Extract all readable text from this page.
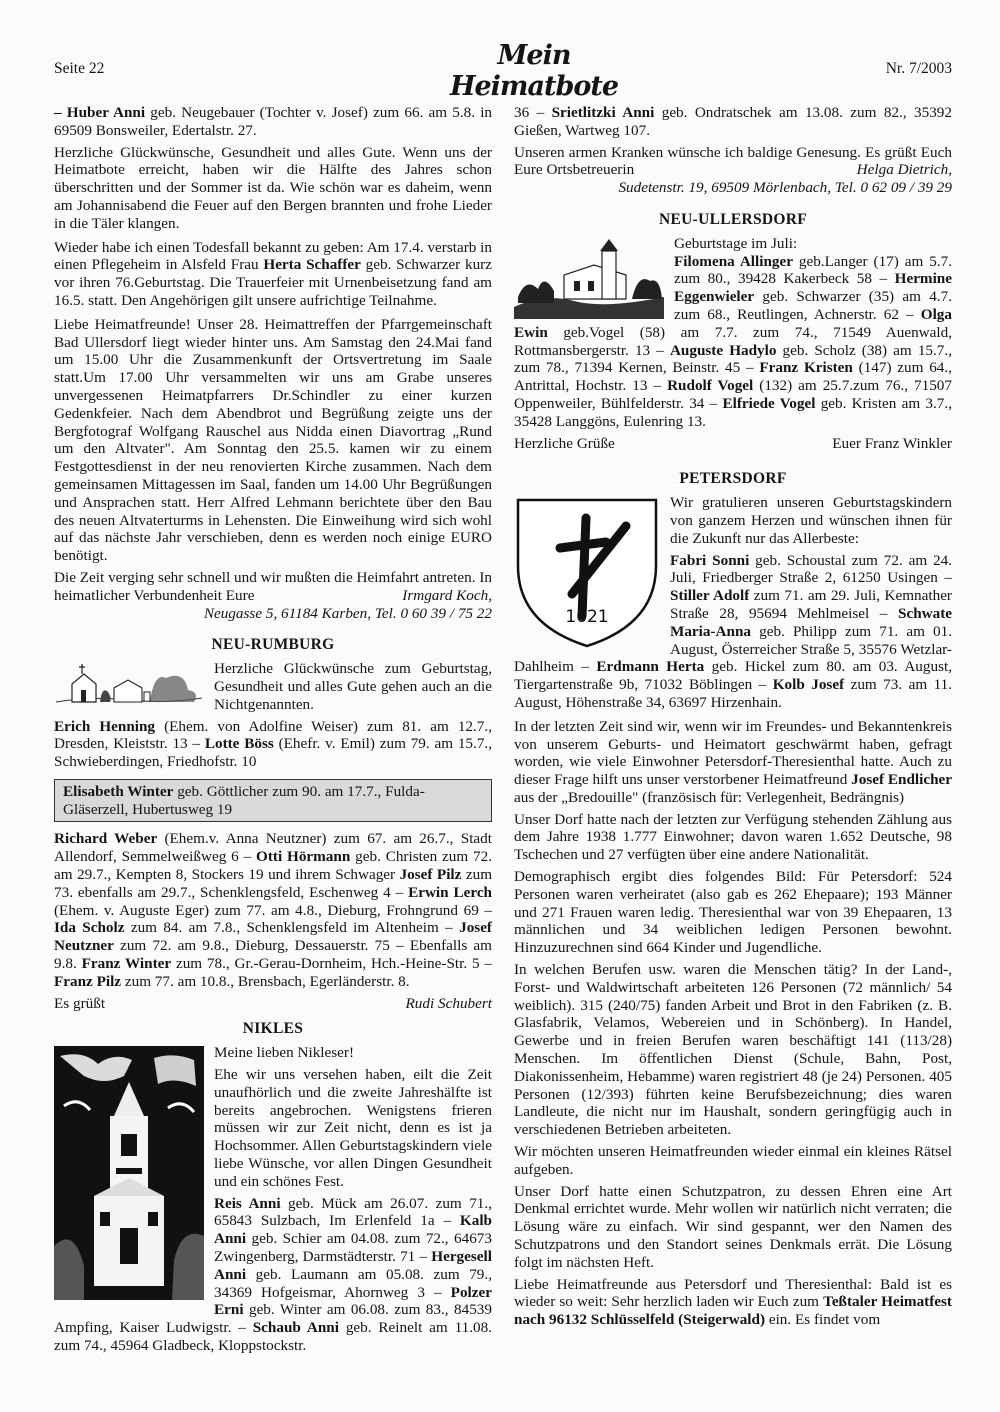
Seite 22	Mein Heimatbote
Nr. 7/2003

– Huber Anni geb. Neugebauer (Tochter v. Josef) zum 66. am 5.8. in 69509 Bonsweiler, Edertalstr. 27.

Herzliche Glückwünsche, Gesundheit und alles Gute. Wenn uns der Heimatbote erreicht, haben wir die Hälfte des Jahres schon überschritten und der Sommer ist da. Wie schön war es daheim, wenn am Johannisabend die Feuer auf den Bergen brannten und frohe Lieder in die Täler klangen.

Wieder habe ich einen Todesfall bekannt zu geben: Am 17.4. verstarb in einen Pflegeheim in Alsfeld Frau Herta Schaffer geb. Schwarzer kurz vor ihren 76.Geburtstag. Die Trauerfeier mit Urnenbeisetzung fand am 16.5. statt. Den Angehörigen gilt unsere aufrichtige Teilnahme.

Liebe Heimatfreunde! Unser 28. Heimattreffen der Pfarrgemeinschaft Bad Ullersdorf liegt wieder hinter uns. Am Samstag den 24.Mai fand um 15.00 Uhr die Zusammenkunft der Ortsvertretung im Saale statt.Um 17.00 Uhr versammelten wir uns am Grabe unseres unvergessenen Heimatpfarrers Dr.Schindler zu einer kurzen Gedenkfeier. Nach dem Abendbrot und Begrüßung zeigte uns der Bergfotograf Wolfgang Rauschel aus Nidda einen Diavortrag „Rund um den Altvater". Am Sonntag den 25.5. kamen wir zu einem Festgottesdienst in der neu renovierten Kirche zusammen. Nach dem gemeinsamen Mittagessen im Saal, fanden um 14.00 Uhr Begrüßungen und Ansprachen statt. Herr Alfred Lehmann berichtete über den Bau des neuen Altvaterturms in Lehensten. Die Einweihung wird sich wohl auf das nächste Jahr verschieben, denn es werden noch einige EURO benötigt.

Die Zeit verging sehr schnell und wir mußten die Heimfahrt antreten. In heimatlicher Verbundenheit Eure	Irmgard Koch,

Neugasse 5, 61184 Karben, Tel. 0 60 39 / 75 22
NEU-RUMBURG

Herzliche Glückwünsche zum Geburtstag, Gesundheit und alles Gute gehen auch an die Nichtgenannten.

Erich Henning (Ehem. von Adolfine Weiser) zum 81. am 12.7., Dresden, Kleiststr. 13 – Lotte Böss (Ehefr. v. Emil) zum 79. am 15.7., Schwieberdingen, Friedhofstr. 10

Elisabeth Winter geb. Göttlicher zum 90. am 17.7., Fulda-Gläserzell, Hubertusweg 19

Richard Weber (Ehem.v. Anna Neutzner) zum 67. am 26.7., Stadt Allendorf, Semmelweißweg 6 – Otti Hörmann geb. Christen zum 72. am 29.7., Kempten 8, Stockers 19 und ihrem Schwager Josef Pilz zum 73. ebenfalls am 29.7., Schenklengsfeld, Eschenweg 4 – Erwin Lerch (Ehem. v. Auguste Eger) zum 77. am 4.8., Dieburg, Frohngrund 69 – Ida Scholz zum 84. am 7.8., Schenklengsfeld im Altenheim – Josef Neutzner zum 72. am 9.8., Dieburg, Dessauerstr. 75 – Ebenfalls am 9.8. Franz Winter zum 78., Gr.-Gerau-Dornheim, Hch.-Heine-Str. 5 – Franz Pilz zum 77. am 10.8., Brensbach, Egerländerstr. 8.

Es grüßt	Rudi Schubert
NIKLES

Meine lieben Nikleser!

Ehe wir uns versehen haben, eilt die Zeit unaufhörlich und die zweite Jahreshälfte ist bereits angebrochen. Wenigstens frieren müssen wir zur Zeit nicht, denn es ist ja Hochsommer. Allen Geburtstagskindern viele liebe Wünsche, vor allen Dingen Gesundheit und ein schönes Fest.

Reis Anni geb. Mück am 26.07. zum 71., 65843 Sulzbach, Im Erlenfeld 1a – Kalb Anni geb. Schier am 04.08. zum 72., 64673 Zwingenberg, Darmstädterstr. 71 – Hergesell Anni geb. Laumann am 05.08. zum 79., 34369 Hofgeismar, Ahornweg 3 – Polzer Erni geb. Winter am 06.08. zum 83., 84539 Ampfing, Kaiser Ludwigstr. – Schaub Anni geb. Reinelt am 11.08. zum 74., 45964 Gladbeck, Kloppstockstr.

36 – Srietlitzki Anni geb. Ondratschek am 13.08. zum 82., 35392 Gießen, Wartweg 107.

Unseren armen Kranken wünsche ich baldige Genesung. Es grüßt Euch Eure Ortsbetreuerin	Helga Dietrich,

Sudetenstr. 19, 69509 Mörlenbach, Tel. 0 62 09 / 39 29
NEU-ULLERSDORF

Geburtstage im Juli:

Filomena Allinger geb.Langer (17) am 5.7. zum 80., 39428 Kakerbeck 58 – Hermine Eggenwieler geb. Schwarzer (35) am 4.7. zum 68., Reutlingen, Achnerstr. 62 – Olga Ewin geb.Vogel (58) am 7.7. zum 74., 71549 Auenwald, Rottmansbergerstr. 13 – Auguste Hadylo geb. Scholz (38) am 15.7., zum 78., 71394 Kernen, Beinstr. 45 – Franz Kristen (147) zum 64., Antrittal, Hochstr. 13 – Rudolf Vogel (132) am 25.7.zum 76., 71507 Oppenweiler, Bühlfelderstr. 34 – Elfriede Vogel geb. Kristen am 3.7., 35428 Langgöns, Eulenring 13.

Herzliche Grüße	Euer Franz Winkler
PETERSDORF
1621

Wir gratulieren unseren Geburtstagskindern von ganzem Herzen und wünschen ihnen für die Zukunft nur das Allerbeste:

Fabri Sonni geb. Schoustal zum 72. am 24. Juli, Friedberger Straße 2, 61250 Usingen – Stiller Adolf zum 71. am 29. Juli, Kemnather Straße 28, 95694 Mehlmeisel – Schwate Maria-Anna geb. Philipp zum 71. am 01. August, Österreicher Straße 5, 35576 Wetzlar-Dahlheim – Erdmann Herta geb. Hickel zum 80. am 03. August, Tiergartenstraße 9b, 71032 Böblingen – Kolb Josef zum 73. am 11. August, Höhenstraße 34, 63697 Hirzenhain.

In der letzten Zeit sind wir, wenn wir im Freundes- und Bekanntenkreis von unserem Geburts- und Heimatort geschwärmt haben, gefragt worden, wie viele Einwohner Petersdorf-Theresienthal hatte. Auch zu dieser Frage hilft uns unser verstorbener Heimatfreund Josef Endlicher aus der „Bredouille" (französisch für: Verlegenheit, Bedrängnis)

Unser Dorf hatte nach der letzten zur Verfügung stehenden Zählung aus dem Jahre 1938 1.777 Einwohner; davon waren 1.652 Deutsche, 98 Tschechen und 27 verfügten über eine andere Nationalität.

Demographisch ergibt dies folgendes Bild: Für Petersdorf: 524 Personen waren verheiratet (also gab es 262 Ehepaare); 193 Männer und 271 Frauen waren ledig. Theresienthal war von 39 Ehepaaren, 13 männlichen und 34 weiblichen ledigen Personen bewohnt. Hinzuzurechnen sind 664 Kinder und Jugendliche.

In welchen Berufen usw. waren die Menschen tätig? In der Land-, Forst- und Waldwirtschaft arbeiteten 126 Personen (72 männlich/ 54 weiblich). 315 (240/75) fanden Arbeit und Brot in den Fabriken (z. B. Glasfabrik, Velamos, Webereien und in Schönberg). In Handel, Gewerbe und in freien Berufen waren beschäftigt 141 (113/28) Menschen. Im öffentlichen Dienst (Schule, Bahn, Post, Diakonissenheim, Hebamme) waren registriert 48 (je 24) Personen. 405 Personen (12/393) führten keine Berufsbezeichnung; dies waren Landleute, die nicht nur im Haushalt, sondern geringfügig auch in verschiedenen Betrieben arbeiteten.

Wir möchten unseren Heimatfreunden wieder einmal ein kleines Rätsel aufgeben.

Unser Dorf hatte einen Schutzpatron, zu dessen Ehren eine Art Denkmal errichtet wurde. Mehr wollen wir natürlich nicht verraten; die Lösung wäre zu einfach. Wir sind gespannt, wer den Namen des Schutzpatrons und den Standort seines Denkmals errät. Die Lösung folgt im nächsten Heft.

Liebe Heimatfreunde aus Petersdorf und Theresienthal: Bald ist es wieder so weit: Sehr herzlich laden wir Euch zum Teßtaler Heimatfest nach 96132 Schlüsselfeld (Steigerwald) ein. Es findet vom
